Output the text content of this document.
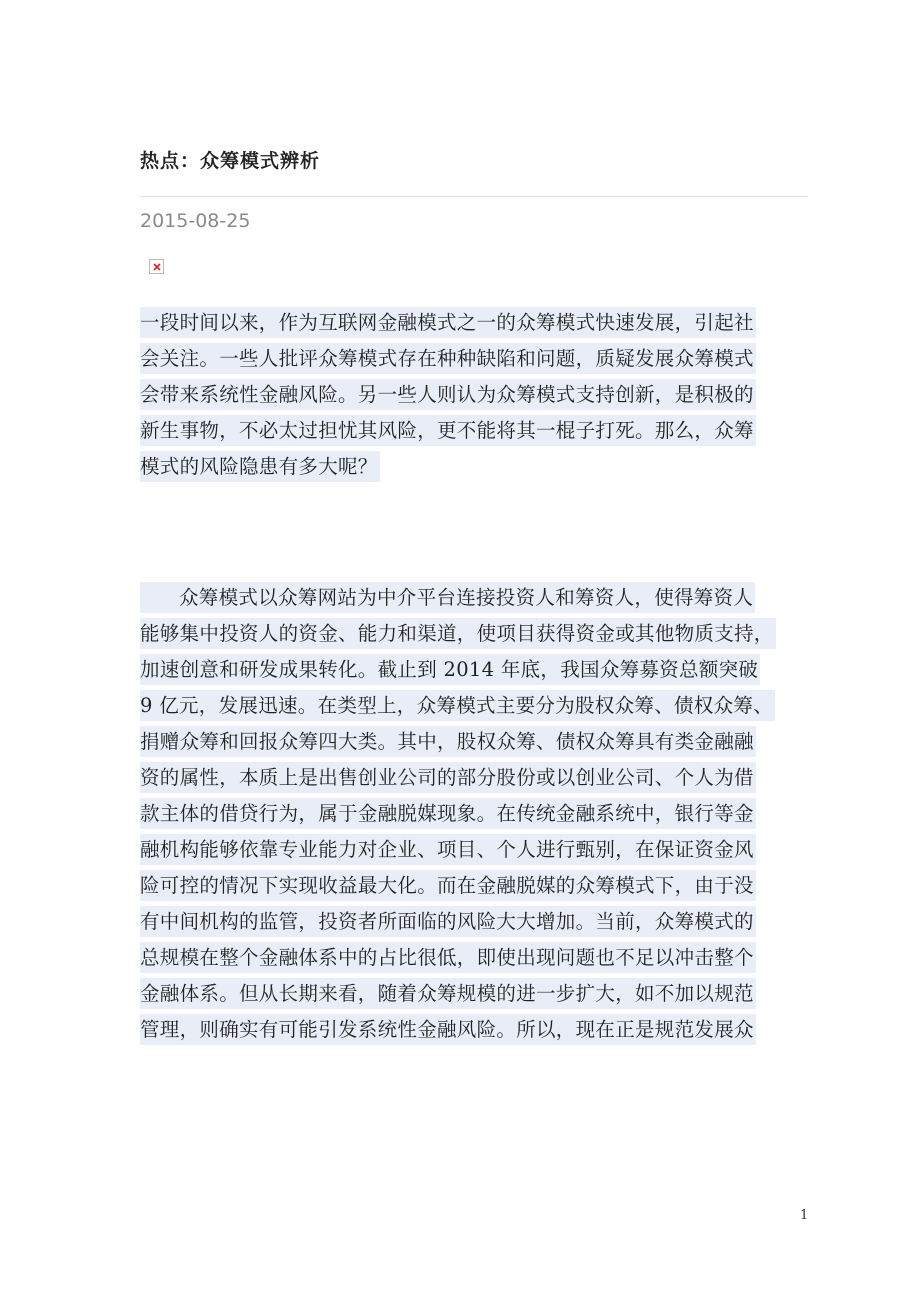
热点：众筹模式辨析
2015-08-25
一段时间以来，作为互联网金融模式之一的众筹模式快速发展，引起社
会关注。一些人批评众筹模式存在种种缺陷和问题，质疑发展众筹模式
会带来系统性金融风险。另一些人则认为众筹模式支持创新，是积极的
新生事物，不必太过担忧其风险，更不能将其一棍子打死。那么，众筹
模式的风险隐患有多大呢？
众筹模式以众筹网站为中介平台连接投资人和筹资人，使得筹资人
能够集中投资人的资金、能力和渠道，使项目获得资金或其他物质支持，
加速创意和研发成果转化。截止到 2014 年底，我国众筹募资总额突破
9 亿元，发展迅速。在类型上，众筹模式主要分为股权众筹、债权众筹、
捐赠众筹和回报众筹四大类。其中，股权众筹、债权众筹具有类金融融
资的属性，本质上是出售创业公司的部分股份或以创业公司、个人为借
款主体的借贷行为，属于金融脱媒现象。在传统金融系统中，银行等金
融机构能够依靠专业能力对企业、项目、个人进行甄别，在保证资金风
险可控的情况下实现收益最大化。而在金融脱媒的众筹模式下，由于没
有中间机构的监管，投资者所面临的风险大大增加。当前，众筹模式的
总规模在整个金融体系中的占比很低，即使出现问题也不足以冲击整个
金融体系。但从长期来看，随着众筹规模的进一步扩大，如不加以规范
管理，则确实有可能引发系统性金融风险。所以，现在正是规范发展众
1
